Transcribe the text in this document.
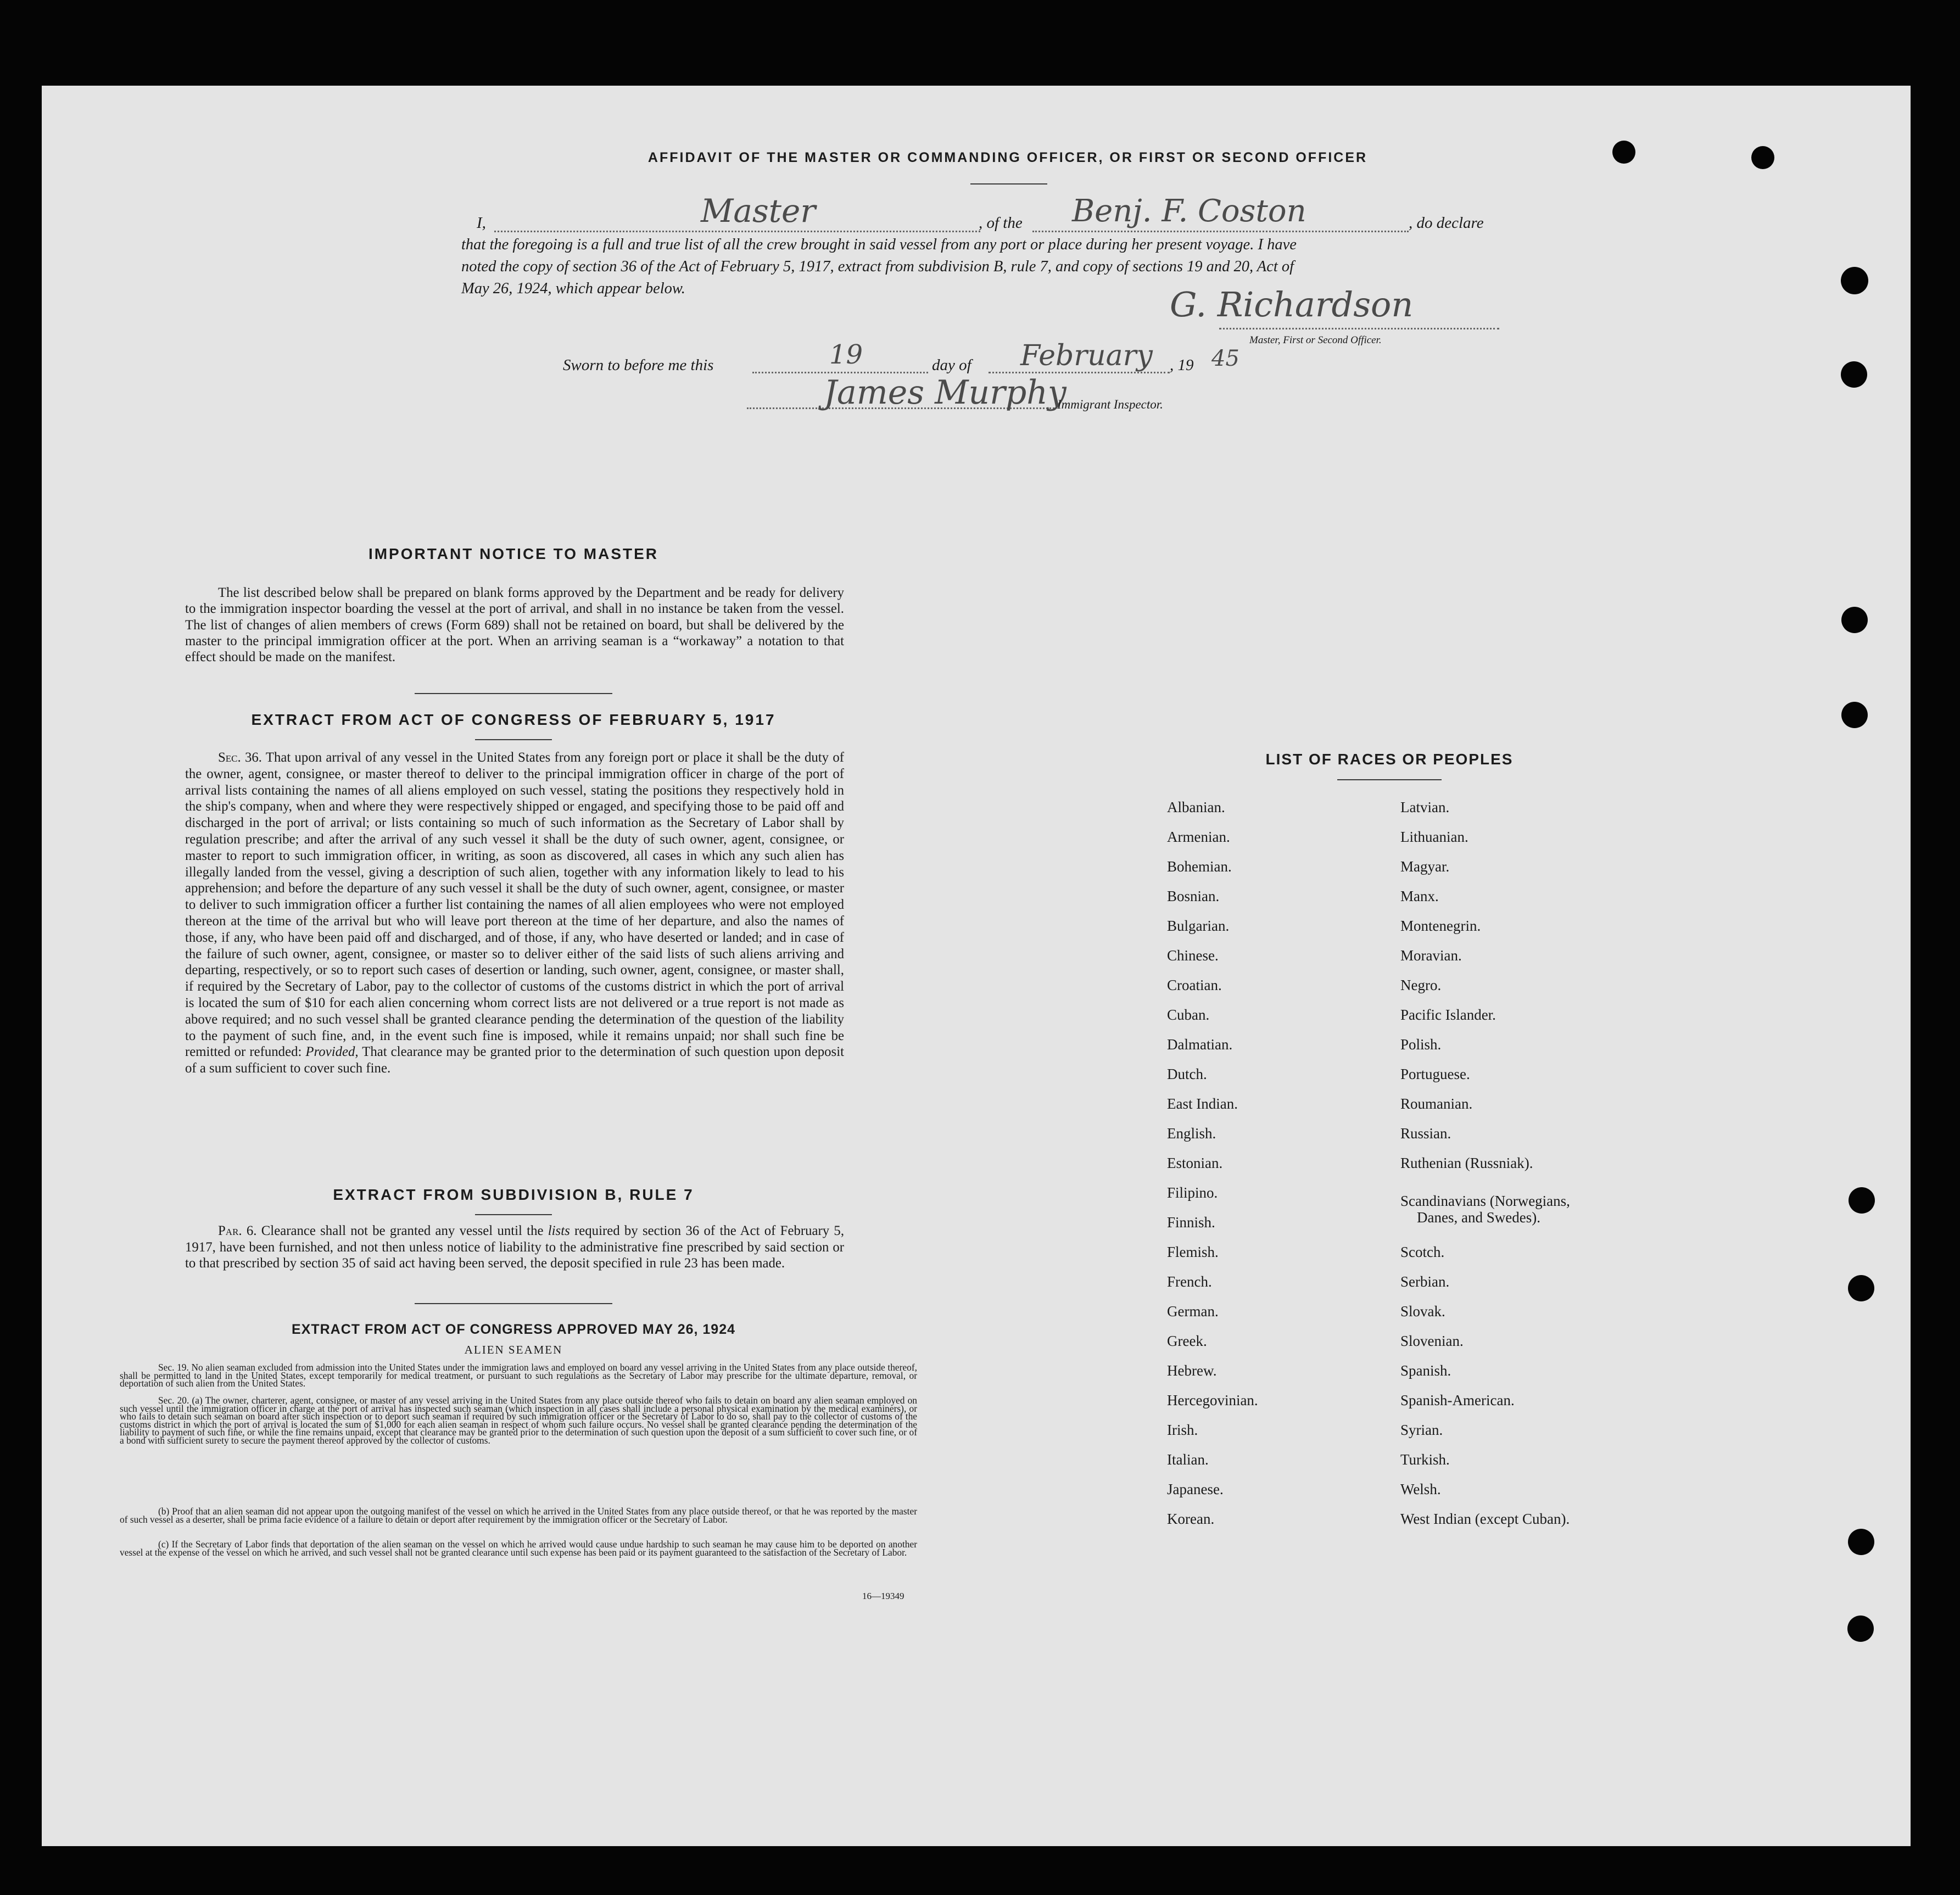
AFFIDAVIT OF THE MASTER OR COMMANDING OFFICER, OR FIRST OR SECOND OFFICER
I,	Master	, of the Benj. F. Coston	, do declare
that the foregoing is a full and true list of all the crew brought in said vessel from any port or place during her present voyage. I have
noted the copy of section 36 of the Act of February 5, 1917, extract from subdivision B, rule 7, and copy of sections 19 and 20, Act of
May 26, 1924, which appear below.	G. Richardson
Master, First or Second Officer.
Sworn to before me this	19	day of February , 19 45
James Murphy
Immigrant Inspector.
IMPORTANT NOTICE TO MASTER
The list described below shall be prepared on blank forms approved by the Department and be ready for delivery to the immigration inspector boarding the vessel at the port of arrival, and shall in no instance be taken from the vessel. The list of changes of alien members of crews (Form 689) shall not be retained on board, but shall be delivered by the master to the principal immigration officer at the port. When an arriving seaman is a “workaway” a notation to that effect should be made on the manifest.
EXTRACT FROM ACT OF CONGRESS OF FEBRUARY 5, 1917
Sec. 36. That upon arrival of any vessel in the United States from any foreign port or place it shall be the duty of the owner, agent, consignee, or master thereof to deliver to the principal immigration officer in charge of the port of arrival lists containing the names of all aliens employed on such vessel, stating the positions they respectively hold in the ship's company, when and where they were respectively shipped or engaged, and specifying those to be paid off and discharged in the port of arrival; or lists containing so much of such information as the Secretary of Labor shall by regulation prescribe; and after the arrival of any such vessel it shall be the duty of such owner, agent, consignee, or master to report to such immigration officer, in writing, as soon as discovered, all cases in which any such alien has illegally landed from the vessel, giving a description of such alien, together with any information likely to lead to his apprehension; and before the departure of any such vessel it shall be the duty of such owner, agent, consignee, or master to deliver to such immigration officer a further list containing the names of all alien employees who were not employed thereon at the time of the arrival but who will leave port thereon at the time of her departure, and also the names of those, if any, who have been paid off and discharged, and of those, if any, who have deserted or landed; and in case of the failure of such owner, agent, consignee, or master so to deliver either of the said lists of such aliens arriving and departing, respectively, or so to report such cases of desertion or landing, such owner, agent, consignee, or master shall, if required by the Secretary of Labor, pay to the collector of customs of the customs district in which the port of arrival is located the sum of $10 for each alien concerning whom correct lists are not delivered or a true report is not made as above required; and no such vessel shall be granted clearance pending the determination of the question of the liability to the payment of such fine, and, in the event such fine is imposed, while it remains unpaid; nor shall such fine be remitted or refunded: Provided, That clearance may be granted prior to the determination of such question upon deposit of a sum sufficient to cover such fine.
EXTRACT FROM SUBDIVISION B, RULE 7
Par. 6. Clearance shall not be granted any vessel until the lists required by section 36 of the Act of February 5, 1917, have been furnished, and not then unless notice of liability to the administrative fine prescribed by said section or to that prescribed by section 35 of said act having been served, the deposit specified in rule 23 has been made.
EXTRACT FROM ACT OF CONGRESS APPROVED MAY 26, 1924
ALIEN SEAMEN
Sec. 19. No alien seaman excluded from admission into the United States under the immigration laws and employed on board any vessel arriving in the United States from any place outside thereof, shall be permitted to land in the United States, except temporarily for medical treatment, or pursuant to such regulations as the Secretary of Labor may prescribe for the ultimate departure, removal, or deportation of such alien from the United States.
Sec. 20. (a) The owner, charterer, agent, consignee, or master of any vessel arriving in the United States from any place outside thereof who fails to detain on board any alien seaman employed on such vessel until the immigration officer in charge at the port of arrival has inspected such seaman (which inspection in all cases shall include a personal physical examination by the medical examiners), or who fails to detain such seaman on board after such inspection or to deport such seaman if required by such immigration officer or the Secretary of Labor to do so, shall pay to the collector of customs of the customs district in which the port of arrival is located the sum of $1,000 for each alien seaman in respect of whom such failure occurs. No vessel shall be granted clearance pending the determination of the liability to payment of such fine, or while the fine remains unpaid, except that clearance may be granted prior to the determination of such question upon the deposit of a sum sufficient to cover such fine, or of a bond with sufficient surety to secure the payment thereof approved by the collector of customs.
(b) Proof that an alien seaman did not appear upon the outgoing manifest of the vessel on which he arrived in the United States from any place outside thereof, or that he was reported by the master of such vessel as a deserter, shall be prima facie evidence of a failure to detain or deport after requirement by the immigration officer or the Secretary of Labor.
(c) If the Secretary of Labor finds that deportation of the alien seaman on the vessel on which he arrived would cause undue hardship to such seaman he may cause him to be deported on another vessel at the expense of the vessel on which he arrived, and such vessel shall not be granted clearance until such expense has been paid or its payment guaranteed to the satisfaction of the Secretary of Labor.
16—19349
LIST OF RACES OR PEOPLES
Albanian.
Armenian.
Bohemian.
Bosnian.
Bulgarian.
Chinese.
Croatian.
Cuban.
Dalmatian.
Dutch.
East Indian.
English.
Estonian.
Filipino.
Finnish.
Flemish.
French.
German.
Greek.
Hebrew.
Hercegovinian.
Irish.
Italian.
Japanese.
Korean.
Latvian.
Lithuanian.
Magyar.
Manx.
Montenegrin.
Moravian.
Negro.
Pacific Islander.
Polish.
Portuguese.
Roumanian.
Russian.
Ruthenian (Russniak).
Scandinavians (Norwegians,
Danes, and Swedes).
Scotch.
Serbian.
Slovak.
Slovenian.
Spanish.
Spanish-American.
Syrian.
Turkish.
Welsh.
West Indian (except Cuban).
